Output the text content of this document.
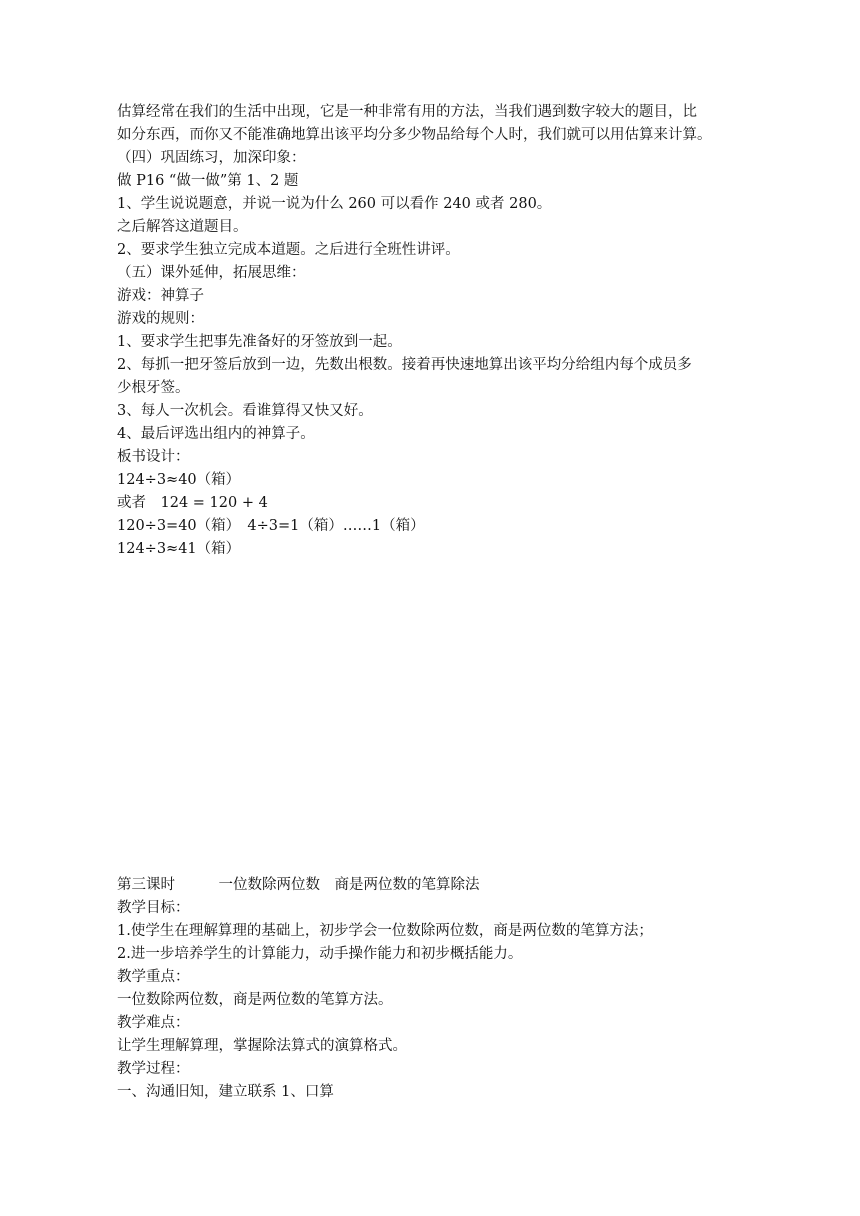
估算经常在我们的生活中出现，它是一种非常有用的方法，当我们遇到数字较大的题目，比
如分东西，而你又不能准确地算出该平均分多少物品给每个人时，我们就可以用估算来计算。
（四）巩固练习，加深印象：
做 P16 “做一做”第 1、2 题
1、学生说说题意，并说一说为什么 260 可以看作 240 或者 280。
之后解答这道题目。
2、要求学生独立完成本道题。之后进行全班性讲评。
（五）课外延伸，拓展思维：
游戏：神算子
游戏的规则：
1、要求学生把事先准备好的牙签放到一起。
2、每抓一把牙签后放到一边，先数出根数。接着再快速地算出该平均分给组内每个成员多
少根牙签。
3、每人一次机会。看谁算得又快又好。
4、最后评选出组内的神算子。
板书设计：
124÷3≈40（箱）
或者　124 = 120 + 4
120÷3=40（箱）　4÷3=1（箱）……1（箱）
124÷3≈41（箱）
第三课时　　　一位数除两位数　商是两位数的笔算除法
教学目标：
1.使学生在理解算理的基础上，初步学会一位数除两位数，商是两位数的笔算方法；
2.进一步培养学生的计算能力，动手操作能力和初步概括能力。
教学重点：
一位数除两位数，商是两位数的笔算方法。
教学难点：
让学生理解算理，掌握除法算式的演算格式。
教学过程：
一、沟通旧知，建立联系 1、口算
